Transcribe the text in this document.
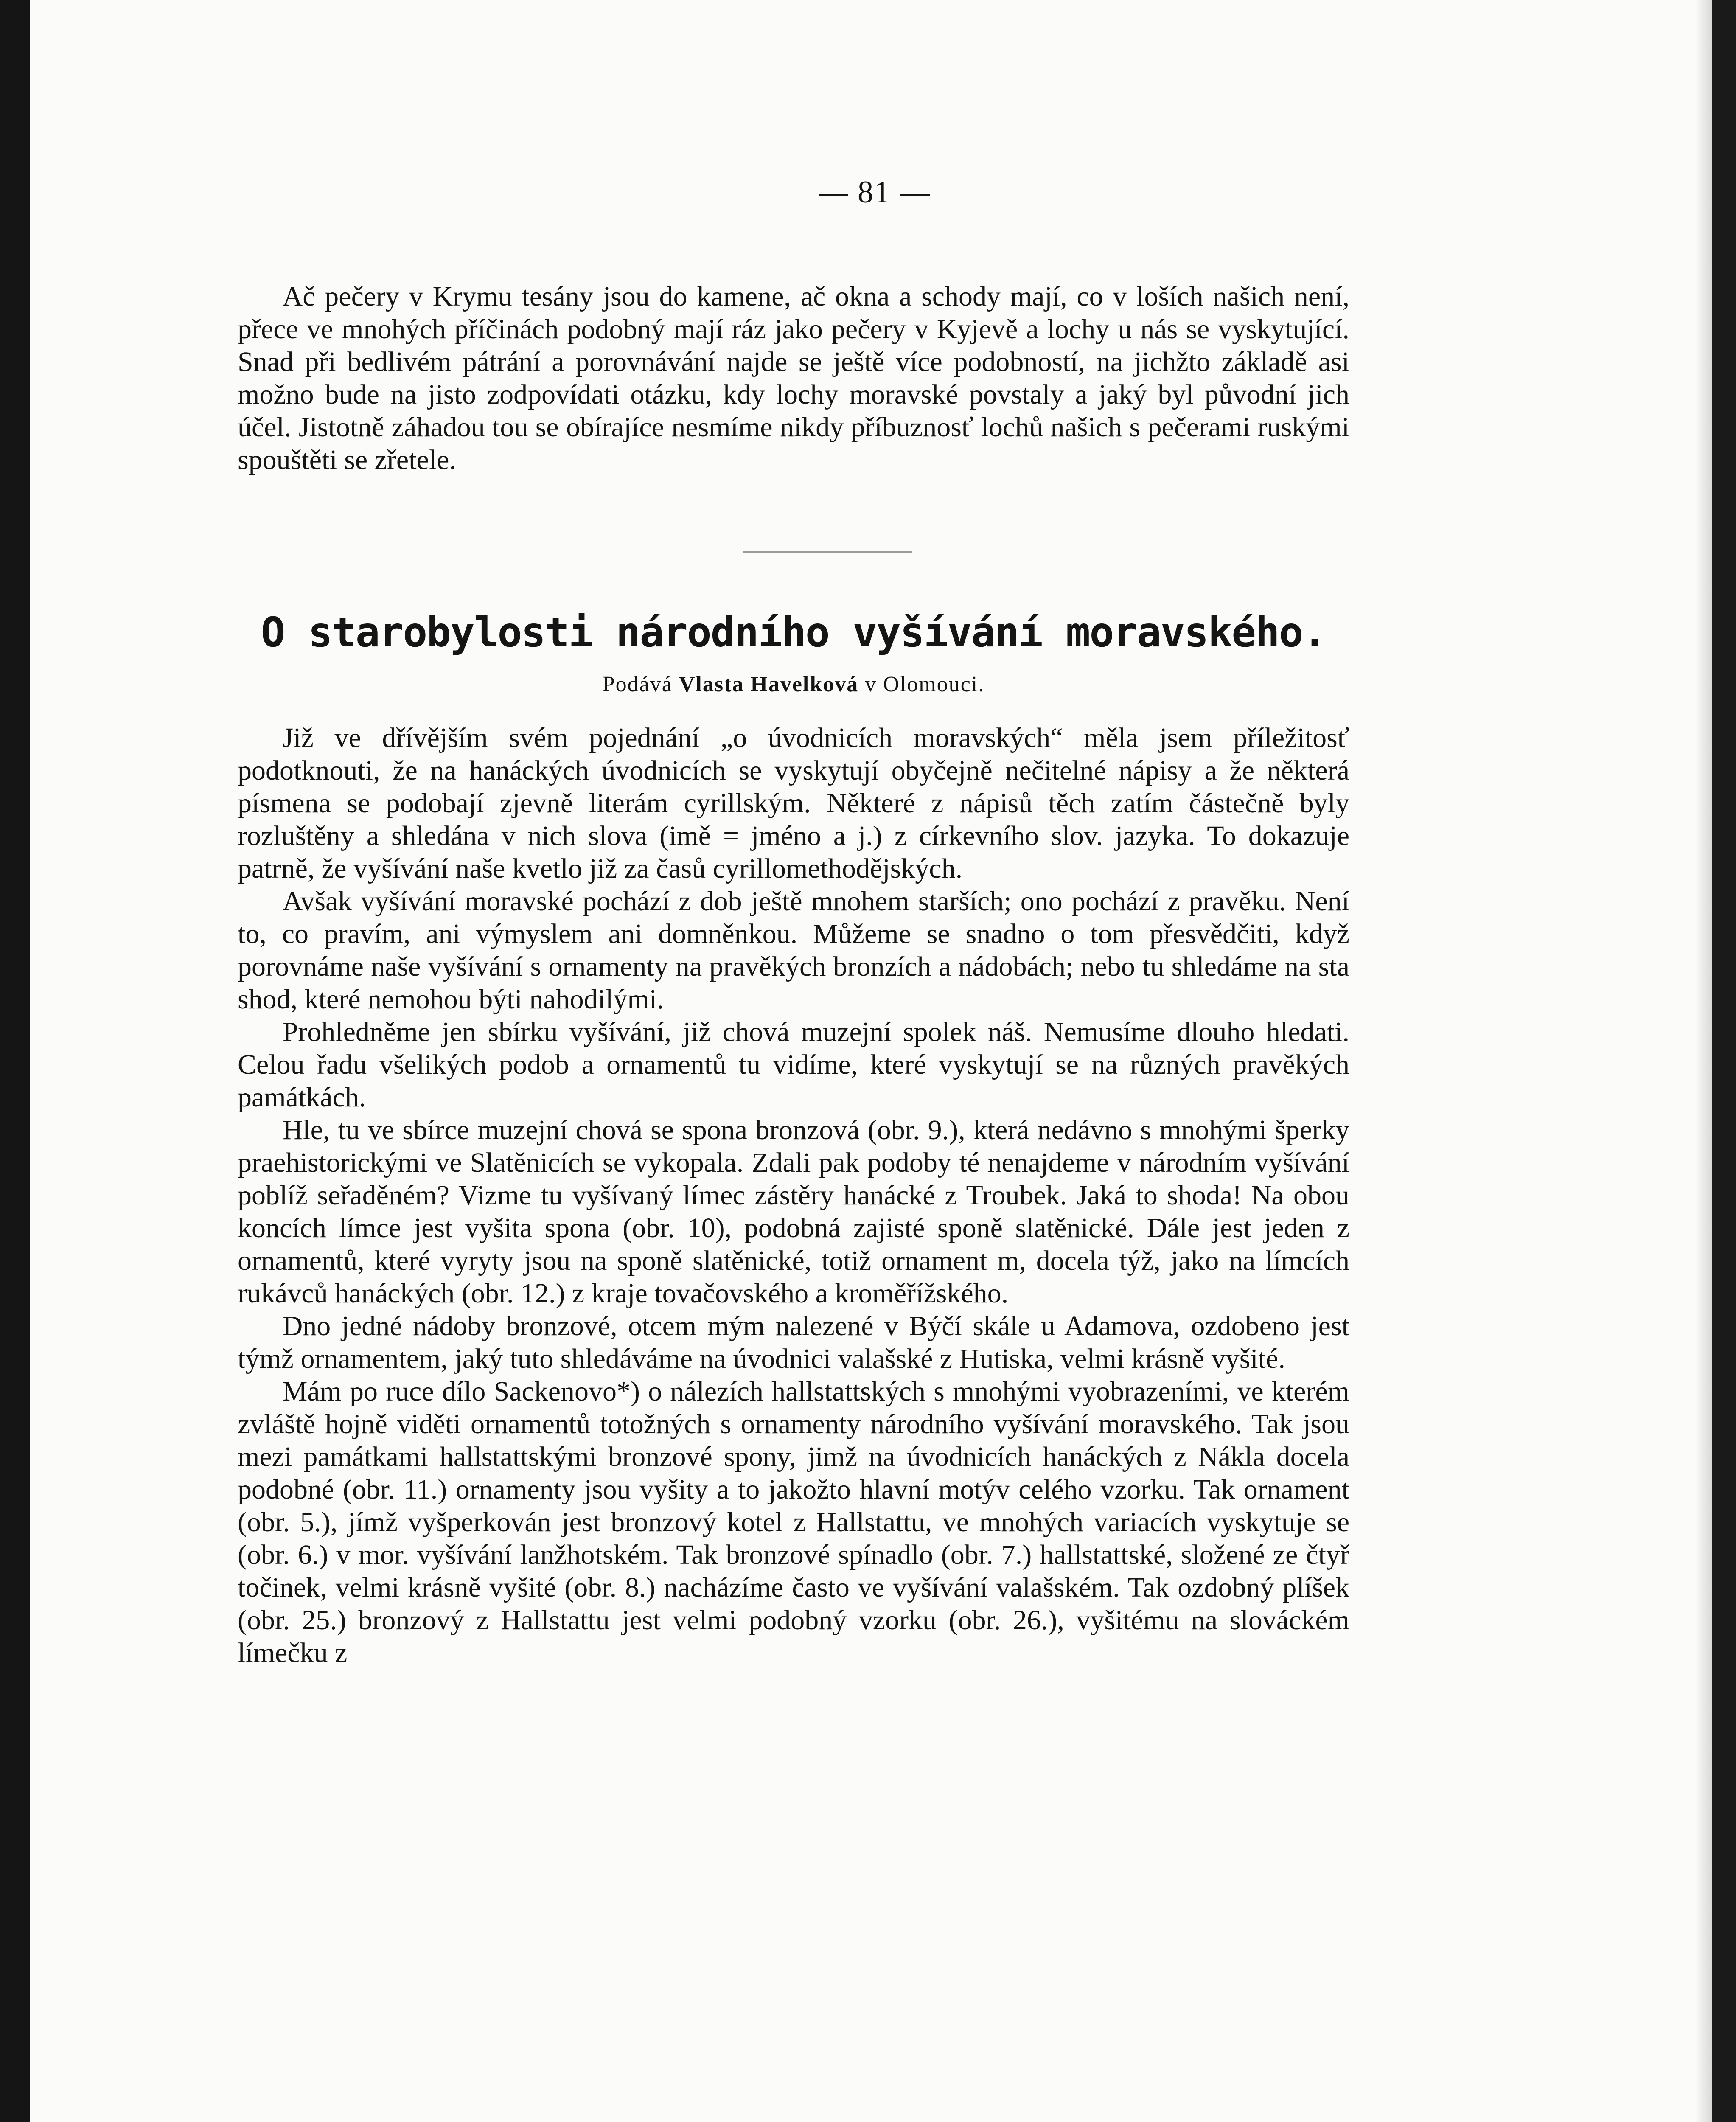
81

Ač pečery v Krymu tesány jsou do kamene, ač okna a schody mají, co v loších našich není, přece ve mnohých příčinách podobný mají ráz jako pečery v Kyjevě a lochy u nás se vyskytující. Snad při bedlivém pátrání a porovnávání najde se ještě více podobností, na jichžto základě asi možno bude na jisto zodpovídati otázku, kdy lochy moravské povstaly a jaký byl původní jich účel. Jistotně záhadou tou se obírajíce nesmíme nikdy příbuznosť lochů našich s pečerami ruskými spouštěti se zřetele.

O starobylosti národního vyšívání moravského.
Podává Vlasta Havelková v Olomouci.

Již ve dřívějším svém pojednání „o úvodnicích moravských“ měla jsem příležitosť podotknouti, že na hanáckých úvodnicích se vyskytují obyčejně nečitelné nápisy a že některá písmena se podobají zjevně literám cyrillským. Některé z nápisů těch zatím částečně byly rozluštěny a shledána v nich slova (imě = jméno a j.) z církevního slov. jazyka. To dokazuje patrně, že vyšívání naše kvetlo již za časů cyrillomethodějských.

Avšak vyšívání moravské pochází z dob ještě mnohem starších; ono pochází z pravěku. Není to, co pravím, ani výmyslem ani domněnkou. Můžeme se snadno o tom přesvědčiti, když porovnáme naše vyšívání s ornamenty na pravěkých bronzích a nádobách; nebo tu shledáme na sta shod, které nemohou býti nahodilými.

Prohledněme jen sbírku vyšívání, již chová muzejní spolek náš. Nemusíme dlouho hledati. Celou řadu všelikých podob a ornamentů tu vidíme, které vyskytují se na různých pravěkých památkách.

Hle, tu ve sbírce muzejní chová se spona bronzová (obr. 9.), která nedávno s mnohými šperky praehistorickými ve Slatěnicích se vykopala. Zdali pak podoby té nenajdeme v národním vyšívání poblíž seřaděném? Vizme tu vyšívaný límec zástěry hanácké z Troubek. Jaká to shoda! Na obou koncích límce jest vyšita spona (obr. 10), podobná zajisté sponě slatěnické. Dále jest jeden z ornamentů, které vyryty jsou na sponě slatěnické, totiž ornament m, docela týž, jako na límcích rukávců hanáckých (obr. 12.) z kraje tovačovského a kroměřížského.

Dno jedné nádoby bronzové, otcem mým nalezené v Býčí skále u Adamova, ozdobeno jest týmž ornamentem, jaký tuto shledáváme na úvodnici valašské z Hutiska, velmi krásně vyšité.

Mám po ruce dílo Sackenovo*) o nálezích hallstattských s mnohými vyobrazeními, ve kterém zvláště hojně viděti ornamentů totožných s ornamenty národního vyšívání moravského. Tak jsou mezi památkami hallstattskými bronzové spony, jimž na úvodnicích hanáckých z Nákla docela podobné (obr. 11.) ornamenty jsou vyšity a to jakožto hlavní motýv celého vzorku. Tak ornament (obr. 5.), jímž vyšperkován jest bronzový kotel z Hallstattu, ve mnohých variacích vyskytuje se (obr. 6.) v mor. vyšívání lanžhotském. Tak bronzové spínadlo (obr. 7.) hallstattské, složené ze čtyř točinek, velmi krásně vyšité (obr. 8.) nacházíme často ve vyšívání valašském. Tak ozdobný plíšek (obr. 25.) bronzový z Hallstattu jest velmi podobný vzorku (obr. 26.), vyšitému na slováckém límečku z
